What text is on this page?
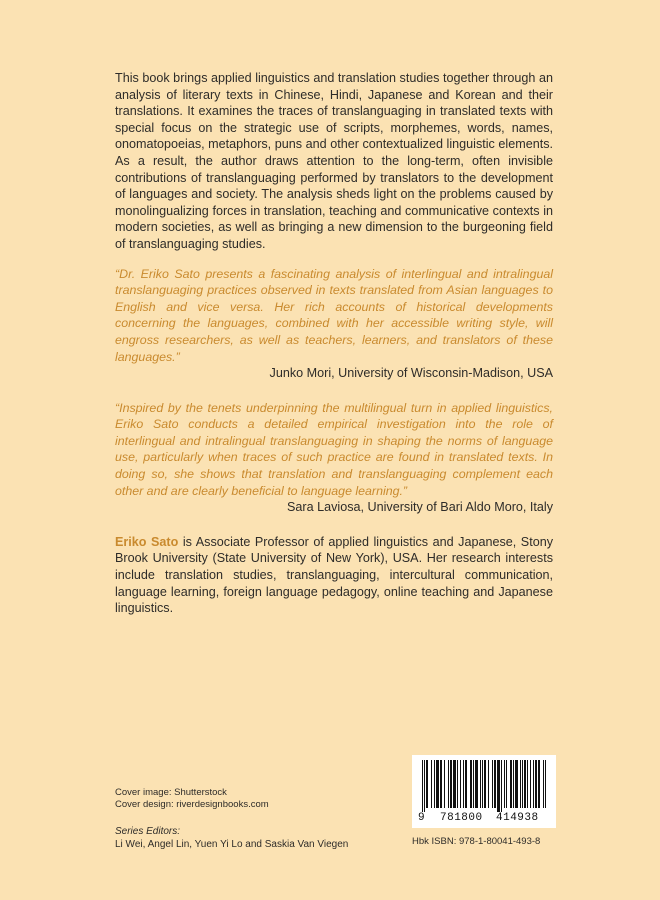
This book brings applied linguistics and translation studies together through an analysis of literary texts in Chinese, Hindi, Japanese and Korean and their translations. It examines the traces of translanguaging in translated texts with special focus on the strategic use of scripts, morphemes, words, names, onomatopoeias, metaphors, puns and other contextualized linguistic elements. As a result, the author draws attention to the long-term, often invisible contributions of translanguaging performed by translators to the development of languages and society. The analysis sheds light on the problems caused by monolingualizing forces in translation, teaching and communicative contexts in modern societies, as well as bringing a new dimension to the burgeoning field of translanguaging studies.

“Dr. Eriko Sato presents a fascinating analysis of interlingual and intralingual translanguaging practices observed in texts translated from Asian languages to English and vice versa. Her rich accounts of historical developments concerning the languages, combined with her accessible writing style, will engross researchers, as well as teachers, learners, and translators of these languages.”

Junko Mori, University of Wisconsin-Madison, USA

“Inspired by the tenets underpinning the multilingual turn in applied linguistics, Eriko Sato conducts a detailed empirical investigation into the role of interlingual and intralingual translanguaging in shaping the norms of language use, particularly when traces of such practice are found in translated texts. In doing so, she shows that translation and translanguaging complement each other and are clearly beneficial to language learning.”

Sara Laviosa, University of Bari Aldo Moro, Italy

Eriko Sato is Associate Professor of applied linguistics and Japanese, Stony Brook University (State University of New York), USA. Her research interests include translation studies, translanguaging, intercultural communication, language learning, foreign language pedagogy, online teaching and Japanese linguistics.

Cover image: Shutterstock
Cover design: riverdesignbooks.com
Series Editors:
Li Wei, Angel Lin, Yuen Yi Lo and Saskia Van Viegen
9 781800 414938
Hbk ISBN: 978-1-80041-493-8
